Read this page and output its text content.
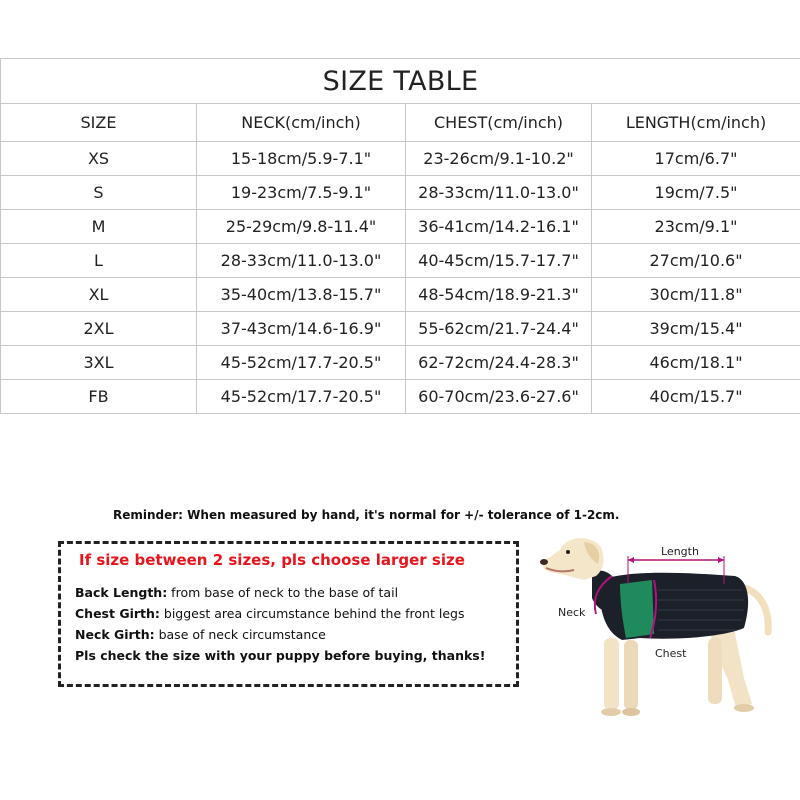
SIZE TABLE			
SIZE	NECK(cm/inch)	CHEST(cm/inch)	LENGTH(cm/inch)
XS	15-18cm/5.9-7.1"	23-26cm/9.1-10.2"	17cm/6.7"
S	19-23cm/7.5-9.1"	28-33cm/11.0-13.0"	19cm/7.5"
M	25-29cm/9.8-11.4"	36-41cm/14.2-16.1"	23cm/9.1"
L	28-33cm/11.0-13.0"	40-45cm/15.7-17.7"	27cm/10.6"
XL	35-40cm/13.8-15.7"	48-54cm/18.9-21.3"	30cm/11.8"
2XL	37-43cm/14.6-16.9"	55-62cm/21.7-24.4"	39cm/15.4"
3XL	45-52cm/17.7-20.5"	62-72cm/24.4-28.3"	46cm/18.1"
FB	45-52cm/17.7-20.5"	60-70cm/23.6-27.6"	40cm/15.7"
Reminder: When measured by hand, it's normal for +/- tolerance of 1-2cm.
If size between 2 sizes, pls choose larger size
Back Length: from base of neck to the base of tail
Chest Girth: biggest area circumstance behind the front legs
Neck Girth: base of neck circumstance
Pls check the size with your puppy before buying, thanks!
Length
Neck
Chest
